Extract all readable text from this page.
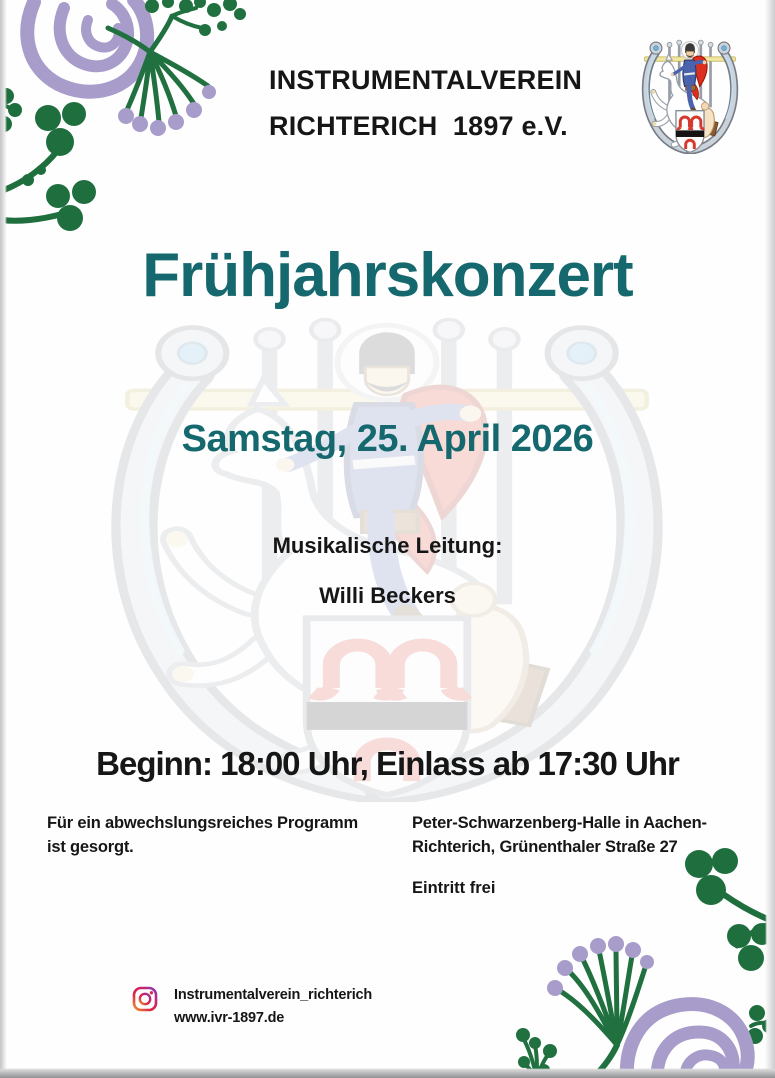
INSTRUMENTALVEREIN
RICHTERICH  1897 e.V.
Frühjahrskonzert
Samstag, 25. April 2026
Musikalische Leitung:
Willi Beckers
Beginn: 18:00 Uhr, Einlass ab 17:30 Uhr
Für ein abwechslungsreiches Programm
ist gesorgt.
Peter-Schwarzenberg-Halle in Aachen-
Richterich, Grünenthaler Straße 27
Eintritt frei
Instrumentalverein_richterich
www.ivr-1897.de
